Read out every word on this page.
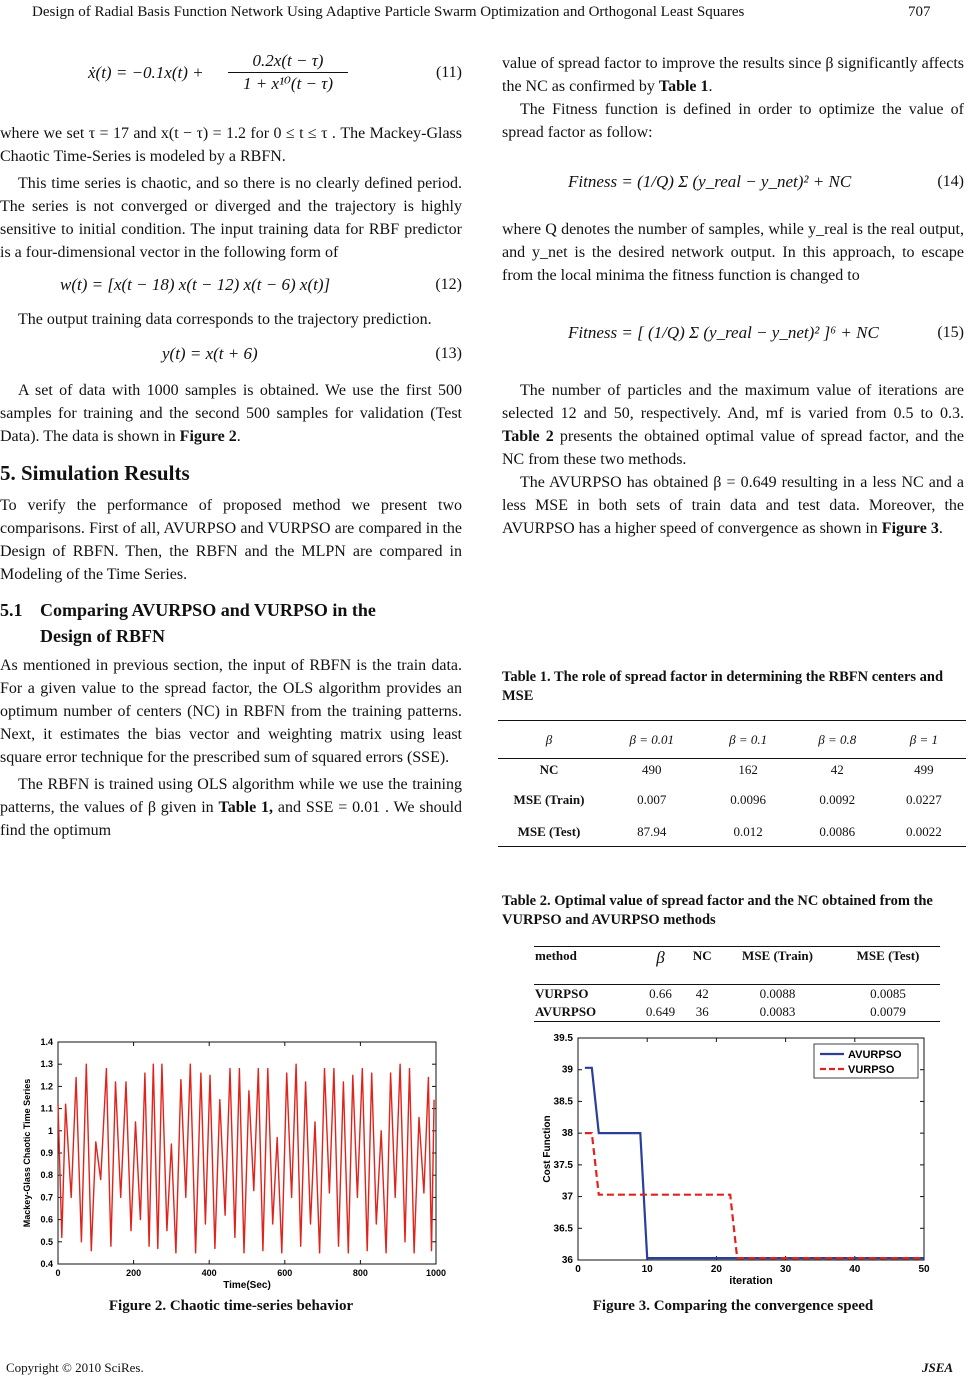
Design of Radial Basis Function Network Using Adaptive Particle Swarm Optimization and Orthogonal Least Squares	707
ẋ(t) = $-0.1x(t) + \frac{0.2x(t - \tau)}{\text{1 + x¹⁰(t − τ)}}$	(11)

where we set τ = 17 and x(t − τ) = 1.2 for 0 ≤ t ≤ τ . The Mackey-Glass Chaotic Time-Series is modeled by a RBFN.

This time series is chaotic, and so there is no clearly defined period. The series is not converged or diverged and the trajectory is highly sensitive to initial condition. The input training data for RBF predictor is a four-dimensional vector in the following form of

w(t) = [x(t − 18) x(t − 12) x(t − 6) x(t)]	(12)

The output training data corresponds to the trajectory prediction.

y(t) = x(t + 6)	(13)

A set of data with 1000 samples is obtained. We use the first 500 samples for training and the second 500 samples for validation (Test Data). The data is shown in Figure 2.

5. Simulation Results

To verify the performance of proposed method we present two comparisons. First of all, AVURPSO and VURPSO are compared in the Design of RBFN. Then, the RBFN and the MLPN are compared in Modeling of the Time Series.

5.1 Comparing AVURPSO and VURPSO in the
Design of RBFN

As mentioned in previous section, the input of RBFN is the train data. For a given value to the spread factor, the OLS algorithm provides an optimum number of centers (NC) in RBFN from the training patterns. Next, it estimates the bias vector and weighting matrix using least square error technique for the prescribed sum of squared errors (SSE).

The RBFN is trained using OLS algorithm while we use the training patterns, the values of β given in Table 1, and SSE = 0.01 . We should find the optimum

0	200	400	600	800	1000
0.4
0.5
0.6
0.7
0.8
0.9
1
1.1
1.2
1.3
1.4
Time(Sec)
Mackey-Glass Chaotic Time Series
Figure 2. Chaotic time-series behavior

value of spread factor to improve the results since β significantly affects the NC as confirmed by Table 1.

The Fitness function is defined in order to optimize the value of spread factor as follow:

Fitness = (1/Q) Σ (y_real − y_net)² + NC	(14)

where Q denotes the number of samples, while y_real is the real output, and y_net is the desired network output. In this approach, to escape from the local minima the fitness function is changed to

Fitness = [ (1/Q) Σ (y_real − y_net)² ]⁶ + NC	(15)

The number of particles and the maximum value of iterations are selected 12 and 50, respectively. And, mf is varied from 0.5 to 0.3. Table 2 presents the obtained optimal value of spread factor, and the NC from these two methods.

The AVURPSO has obtained β = 0.649 resulting in a less NC and a less MSE in both sets of train data and test data. Moreover, the AVURPSO has a higher speed of convergence as shown in Figure 3.

Table 1. The role of spread factor in determining the RBFN centers and MSE
β	β = 0.01	β = 0.1	β = 0.8	β = 1
NC	490	162	42	499
MSE (Train)	0.007	0.0096	0.0092	0.0227
MSE (Test)	87.94	0.012	0.0086	0.0022
Table 2. Optimal value of spread factor and the NC obtained from the VURPSO and AVURPSO methods
method	β	NC	MSE (Train)	MSE (Test)
VURPSO	0.66	42	0.0088	0.0085
AVURPSO	0.649	36	0.0083	0.0079
0	10	20	30	40	50
36
36.5
37
37.5
38
38.5
39
39.5
iteration
Cost Function
AVURPSO
VURPSO
Figure 3. Comparing the convergence speed
Copyright © 2010 SciRes.	JSEA
